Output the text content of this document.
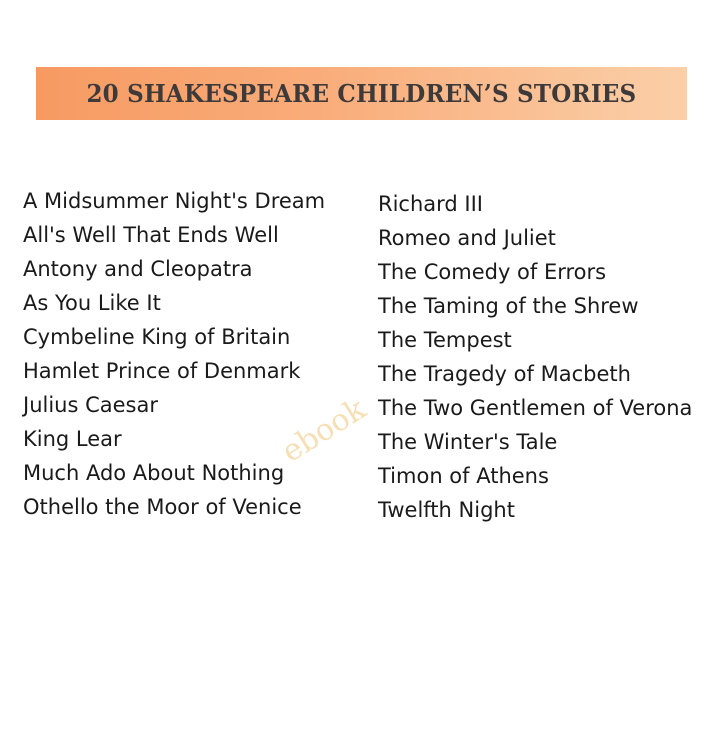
20 SHAKESPEARE CHILDREN’S STORIES
A Midsummer Night's Dream
All's Well That Ends Well
Antony and Cleopatra
As You Like It
Cymbeline King of Britain
Hamlet Prince of Denmark
Julius Caesar
King Lear
Much Ado About Nothing
Othello the Moor of Venice
Richard III
Romeo and Juliet
The Comedy of Errors
The Taming of the Shrew
The Tempest
The Tragedy of Macbeth
The Two Gentlemen of Verona
The Winter's Tale
Timon of Athens
Twelfth Night
ebook
